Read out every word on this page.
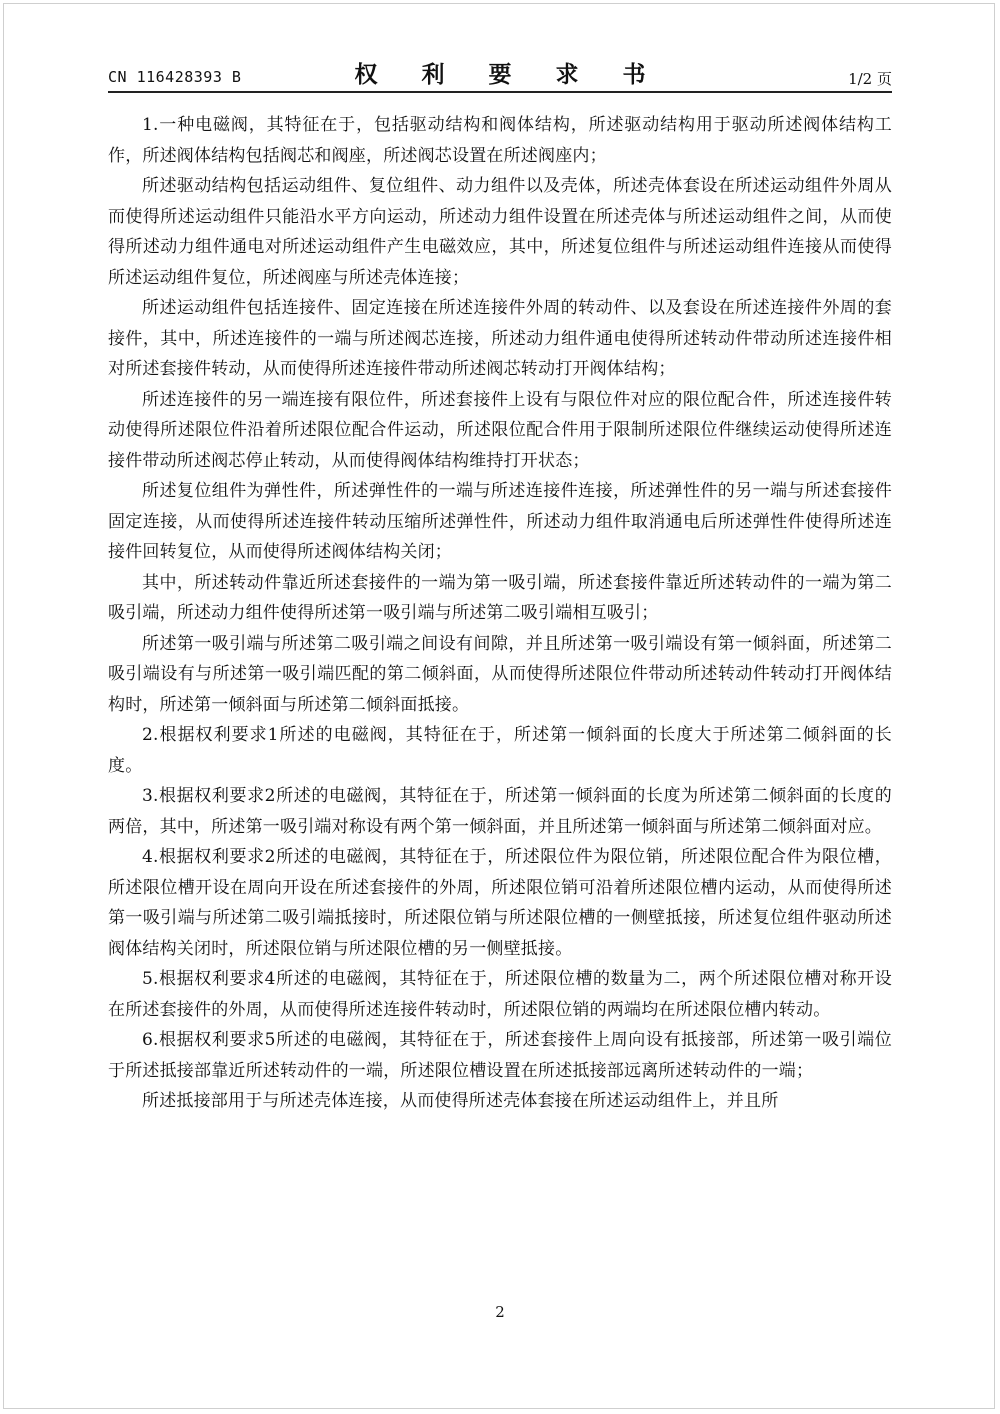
CN 116428393 B	权 利 要 求 书	1/2 页

1.一种电磁阀，其特征在于，包括驱动结构和阀体结构，所述驱动结构用于驱动所述阀体结构工作，所述阀体结构包括阀芯和阀座，所述阀芯设置在所述阀座内；

所述驱动结构包括运动组件、复位组件、动力组件以及壳体，所述壳体套设在所述运动组件外周从而使得所述运动组件只能沿水平方向运动，所述动力组件设置在所述壳体与所述运动组件之间，从而使得所述动力组件通电对所述运动组件产生电磁效应，其中，所述复位组件与所述运动组件连接从而使得所述运动组件复位，所述阀座与所述壳体连接；

所述运动组件包括连接件、固定连接在所述连接件外周的转动件、以及套设在所述连接件外周的套接件，其中，所述连接件的一端与所述阀芯连接，所述动力组件通电使得所述转动件带动所述连接件相对所述套接件转动，从而使得所述连接件带动所述阀芯转动打开阀体结构；

所述连接件的另一端连接有限位件，所述套接件上设有与限位件对应的限位配合件，所述连接件转动使得所述限位件沿着所述限位配合件运动，所述限位配合件用于限制所述限位件继续运动使得所述连接件带动所述阀芯停止转动，从而使得阀体结构维持打开状态；

所述复位组件为弹性件，所述弹性件的一端与所述连接件连接，所述弹性件的另一端与所述套接件固定连接，从而使得所述连接件转动压缩所述弹性件，所述动力组件取消通电后所述弹性件使得所述连接件回转复位，从而使得所述阀体结构关闭；

其中，所述转动件靠近所述套接件的一端为第一吸引端，所述套接件靠近所述转动件的一端为第二吸引端，所述动力组件使得所述第一吸引端与所述第二吸引端相互吸引；

所述第一吸引端与所述第二吸引端之间设有间隙，并且所述第一吸引端设有第一倾斜面，所述第二吸引端设有与所述第一吸引端匹配的第二倾斜面，从而使得所述限位件带动所述转动件转动打开阀体结构时，所述第一倾斜面与所述第二倾斜面抵接。

2.根据权利要求1所述的电磁阀，其特征在于，所述第一倾斜面的长度大于所述第二倾斜面的长度。

3.根据权利要求2所述的电磁阀，其特征在于，所述第一倾斜面的长度为所述第二倾斜面的长度的两倍，其中，所述第一吸引端对称设有两个第一倾斜面，并且所述第一倾斜面与所述第二倾斜面对应。

4.根据权利要求2所述的电磁阀，其特征在于，所述限位件为限位销，所述限位配合件为限位槽，所述限位槽开设在周向开设在所述套接件的外周，所述限位销可沿着所述限位槽内运动，从而使得所述第一吸引端与所述第二吸引端抵接时，所述限位销与所述限位槽的一侧壁抵接，所述复位组件驱动所述阀体结构关闭时，所述限位销与所述限位槽的另一侧壁抵接。

5.根据权利要求4所述的电磁阀，其特征在于，所述限位槽的数量为二，两个所述限位槽对称开设在所述套接件的外周，从而使得所述连接件转动时，所述限位销的两端均在所述限位槽内转动。

6.根据权利要求5所述的电磁阀，其特征在于，所述套接件上周向设有抵接部，所述第一吸引端位于所述抵接部靠近所述转动件的一端，所述限位槽设置在所述抵接部远离所述转动件的一端；

所述抵接部用于与所述壳体连接，从而使得所述壳体套接在所述运动组件上，并且所

2
